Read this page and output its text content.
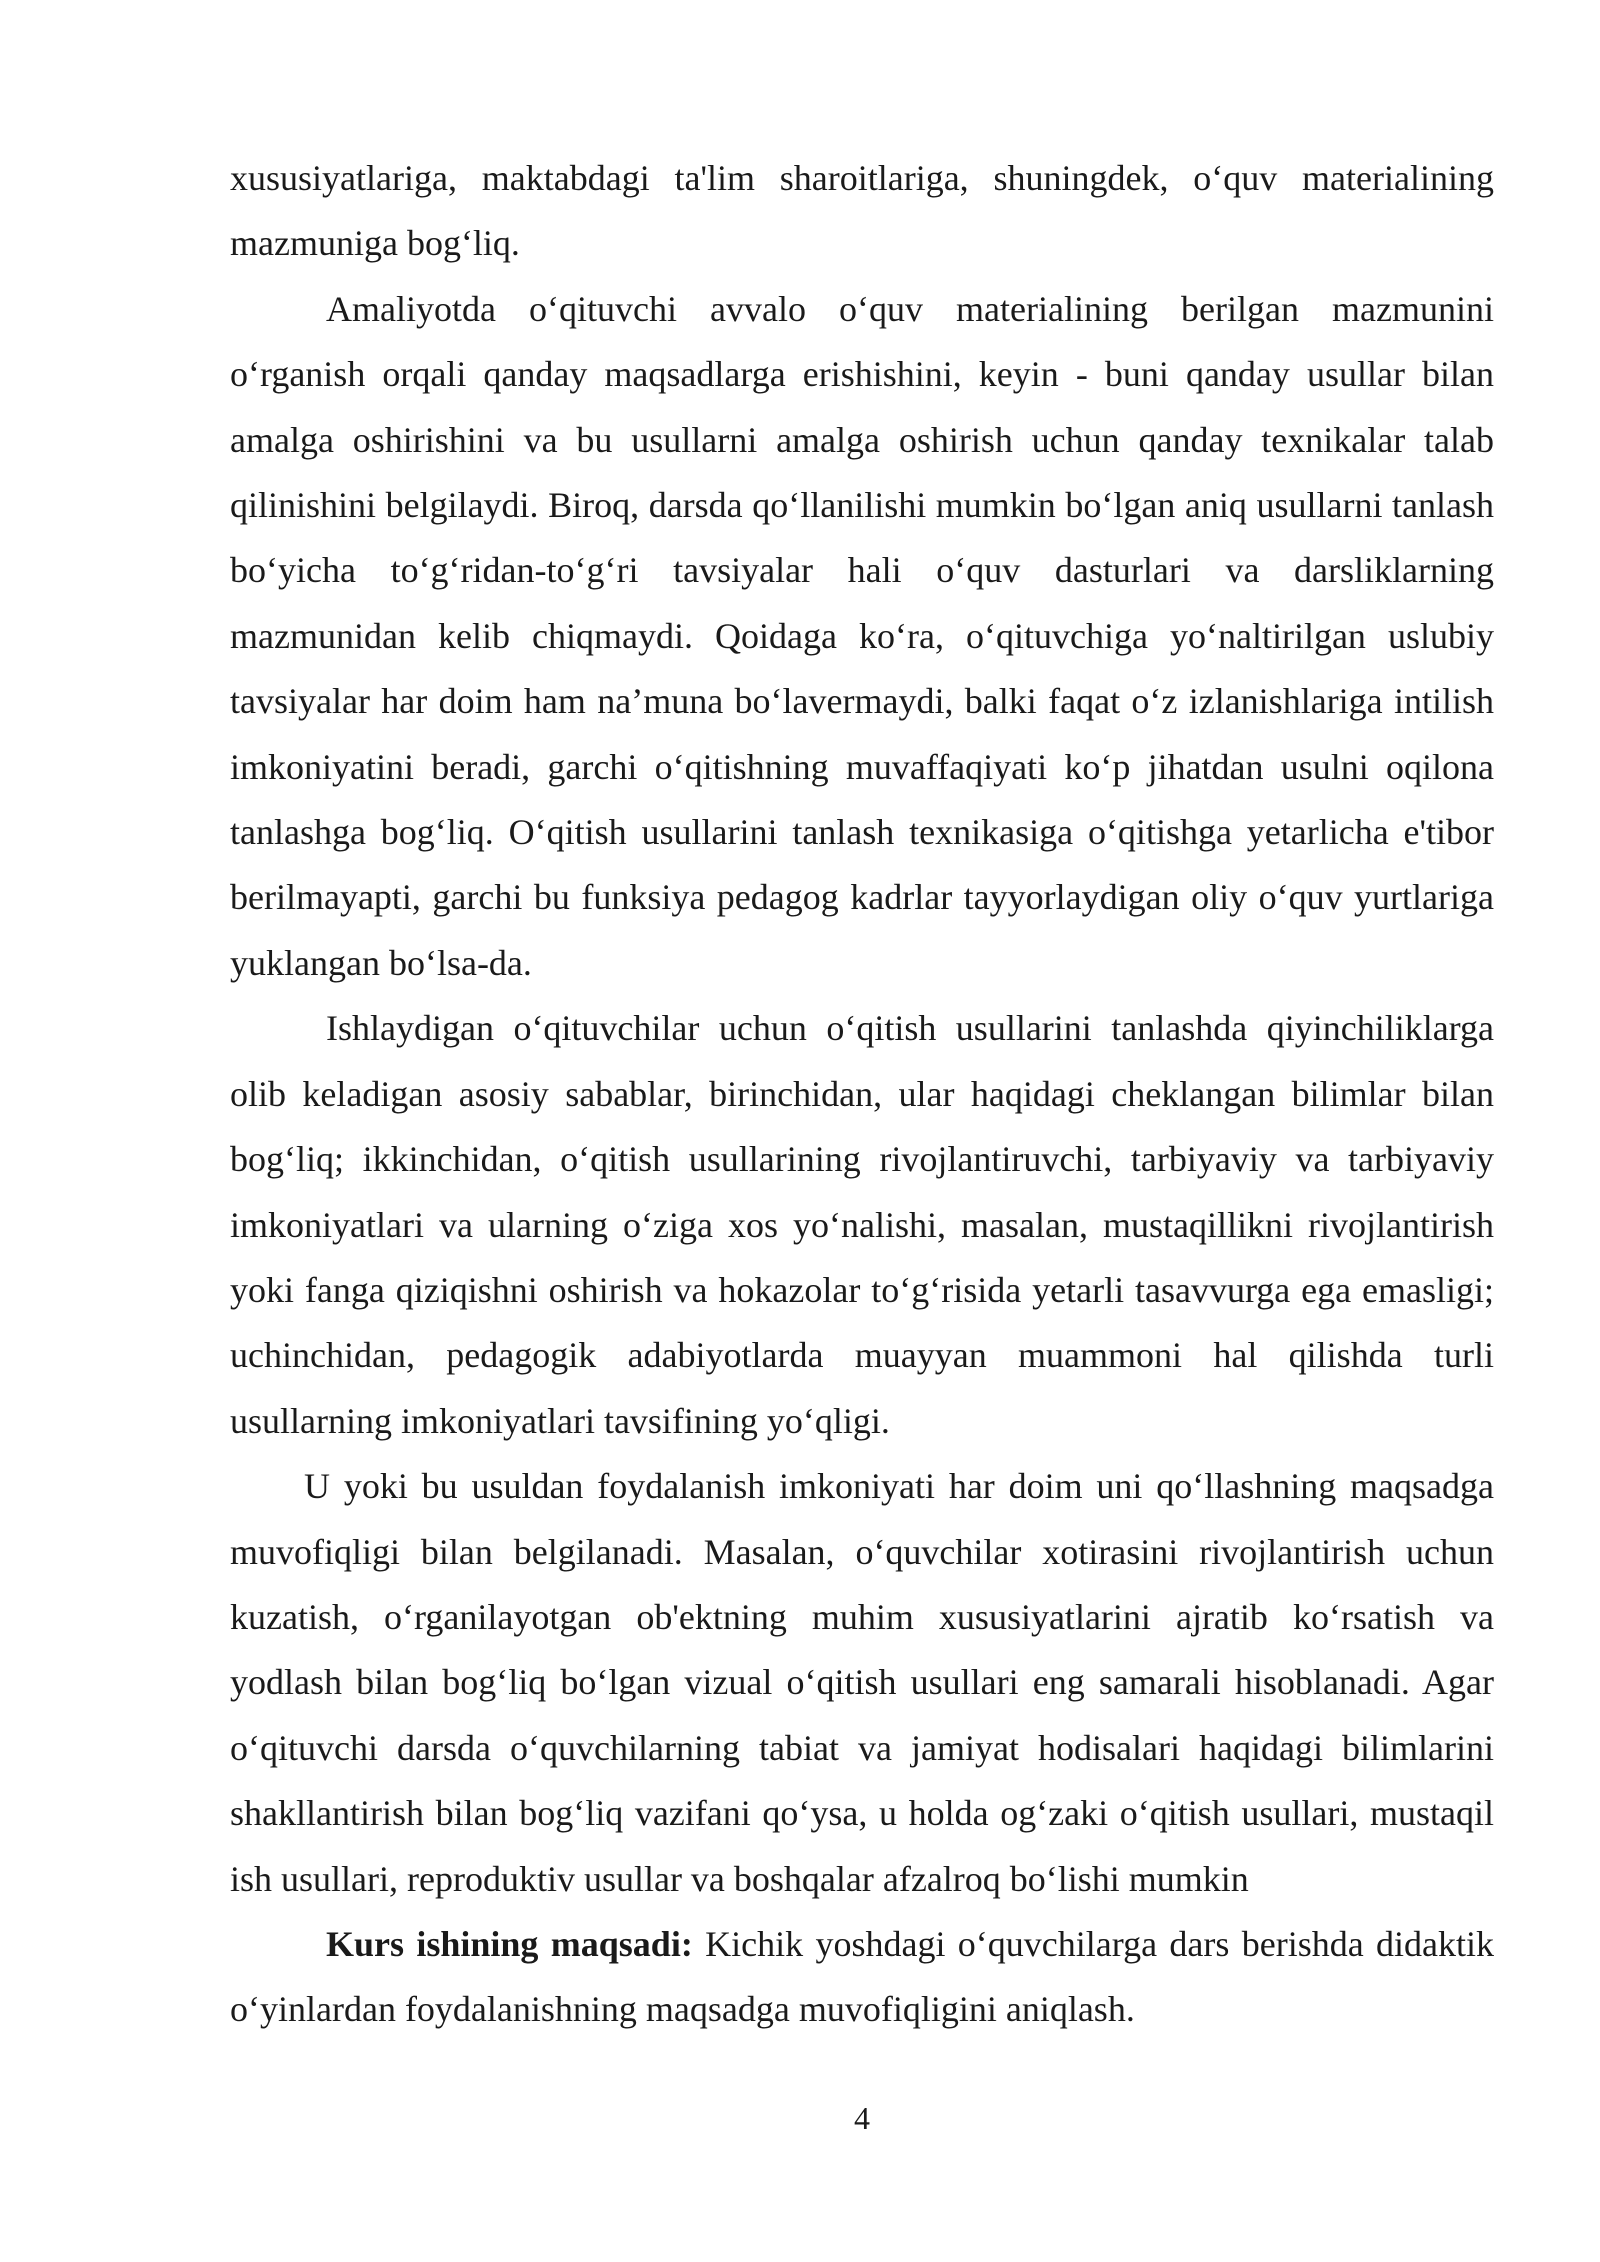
xususiyatlariga, maktabdagi ta'lim sharoitlariga, shuningdek, o‘quv materialining mazmuniga bog‘liq.

Amaliyotda o‘qituvchi avvalo o‘quv materialining berilgan mazmunini o‘rganish orqali qanday maqsadlarga erishishini, keyin - buni qanday usullar bilan amalga oshirishini va bu usullarni amalga oshirish uchun qanday texnikalar talab qilinishini belgilaydi. Biroq, darsda qo‘llanilishi mumkin bo‘lgan aniq usullarni tanlash bo‘yicha to‘g‘ridan-to‘g‘ri tavsiyalar hali o‘quv dasturlari va darsliklarning mazmunidan kelib chiqmaydi. Qoidaga ko‘ra, o‘qituvchiga yo‘naltirilgan uslubiy tavsiyalar har doim ham na’muna bo‘lavermaydi, balki faqat o‘z izlanishlariga intilish imkoniyatini beradi, garchi o‘qitishning muvaffaqiyati ko‘p jihatdan usulni oqilona tanlashga bog‘liq. O‘qitish usullarini tanlash texnikasiga o‘qitishga yetarlicha e'tibor berilmayapti, garchi bu funksiya pedagog kadrlar tayyorlaydigan oliy o‘quv yurtlariga yuklangan bo‘lsa-da.

Ishlaydigan o‘qituvchilar uchun o‘qitish usullarini tanlashda qiyinchiliklarga olib keladigan asosiy sabablar, birinchidan, ular haqidagi cheklangan bilimlar bilan bog‘liq; ikkinchidan, o‘qitish usullarining rivojlantiruvchi, tarbiyaviy va tarbiyaviy imkoniyatlari va ularning o‘ziga xos yo‘nalishi, masalan, mustaqillikni rivojlantirish yoki fanga qiziqishni oshirish va hokazolar to‘g‘risida yetarli tasavvurga ega emasligi; uchinchidan, pedagogik adabiyotlarda muayyan muammoni hal qilishda turli usullarning imkoniyatlari tavsifining yo‘qligi.

U yoki bu usuldan foydalanish imkoniyati har doim uni qo‘llashning maqsadga muvofiqligi bilan belgilanadi. Masalan, o‘quvchilar xotirasini rivojlantirish uchun kuzatish, o‘rganilayotgan ob'ektning muhim xususiyatlarini ajratib ko‘rsatish va yodlash bilan bog‘liq bo‘lgan vizual o‘qitish usullari eng samarali hisoblanadi. Agar o‘qituvchi darsda o‘quvchilarning tabiat va jamiyat hodisalari haqidagi bilimlarini shakllantirish bilan bog‘liq vazifani qo‘ysa, u holda og‘zaki o‘qitish usullari, mustaqil ish usullari, reproduktiv usullar va boshqalar afzalroq bo‘lishi mumkin

Kurs ishining maqsadi: Kichik yoshdagi o‘quvchilarga dars berishda didaktik o‘yinlardan foydalanishning maqsadga muvofiqligini aniqlash.

4
